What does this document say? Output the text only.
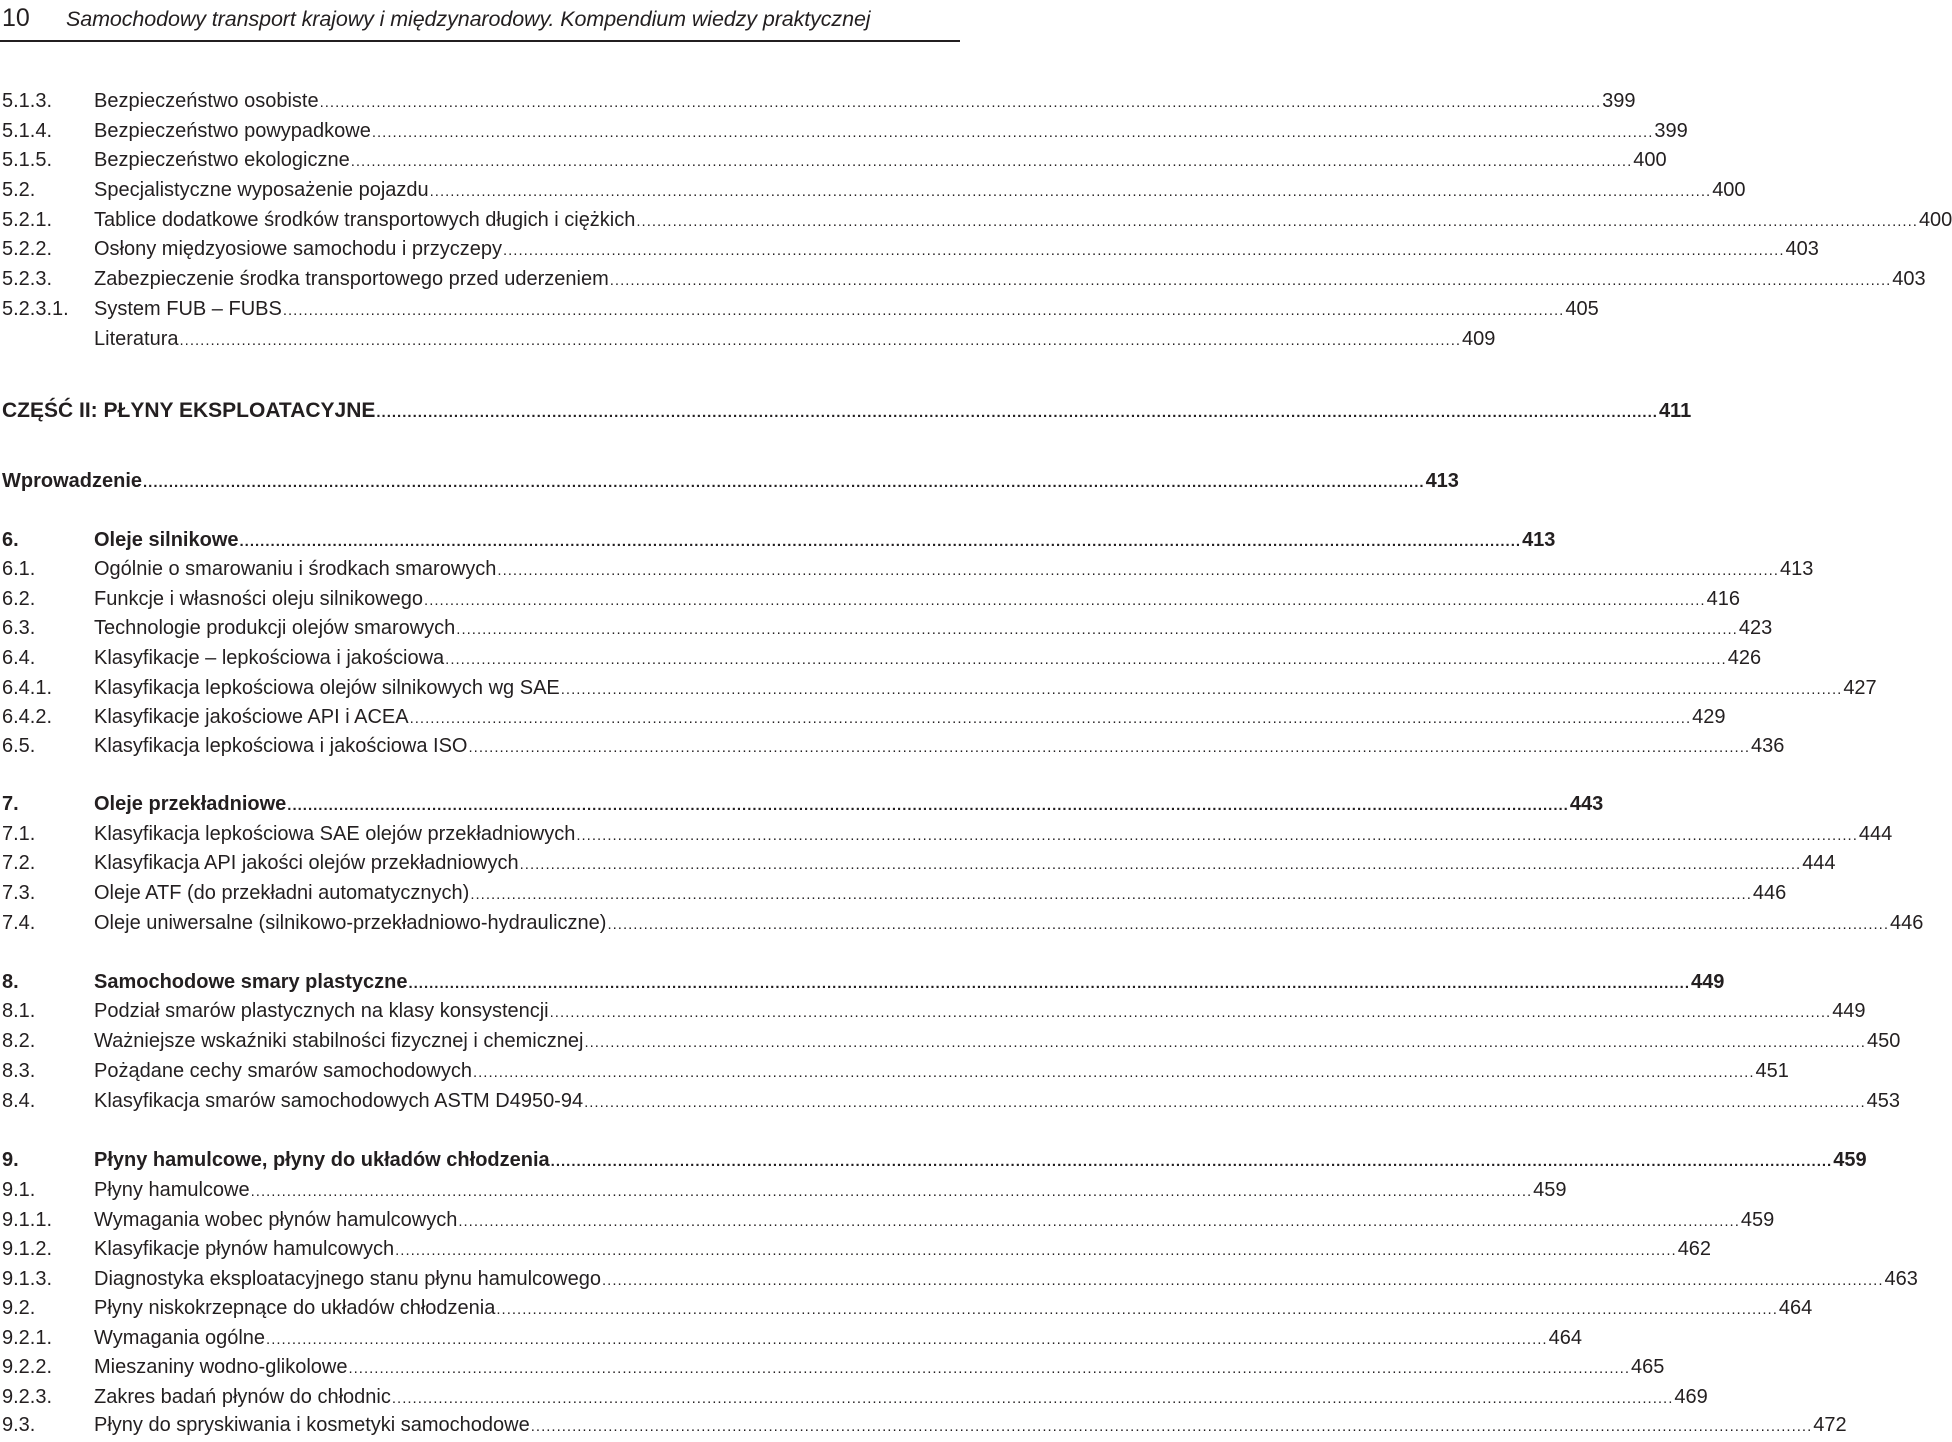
10 Samochodowy transport krajowy i międzynarodowy. Kompendium wiedzy praktycznej
5.1.3.	Bezpieczeństwo osobiste .....	399
5.1.4.	Bezpieczeństwo powypadkowe .....	399
5.1.5.	Bezpieczeństwo ekologiczne .....	400
5.2.	Specjalistyczne wyposażenie pojazdu .....	400
5.2.1.	Tablice dodatkowe środków transportowych długich i ciężkich .....	400
5.2.2.	Osłony międzyosiowe samochodu i przyczepy .....	403
5.2.3.	Zabezpieczenie środka transportowego przed uderzeniem .....	403
5.2.3.1.	System FUB – FUBS .....	405
Literatura .....	409
CZĘŚĆ II: PŁYNY EKSPLOATACYJNE .....	411
Wprowadzenie .....	413
6.	Oleje silnikowe .....	413
6.1.	Ogólnie o smarowaniu i środkach smarowych .....	413
6.2.	Funkcje i własności oleju silnikowego .....	416
6.3.	Technologie produkcji olejów smarowych .....	423
6.4.	Klasyfikacje – lepkościowa i jakościowa .....	426
6.4.1.	Klasyfikacja lepkościowa olejów silnikowych wg SAE .....	427
6.4.2.	Klasyfikacje jakościowe API i ACEA .....	429
6.5.	Klasyfikacja lepkościowa i jakościowa ISO .....	436
7.	Oleje przekładniowe .....	443
7.1.	Klasyfikacja lepkościowa SAE olejów przekładniowych .....	444
7.2.	Klasyfikacja API jakości olejów przekładniowych .....	444
7.3.	Oleje ATF (do przekładni automatycznych) .....	446
7.4.	Oleje uniwersalne (silnikowo-przekładniowo-hydrauliczne) .....	446
8.	Samochodowe smary plastyczne .....	449
8.1.	Podział smarów plastycznych na klasy konsystencji .....	449
8.2.	Ważniejsze wskaźniki stabilności fizycznej i chemicznej .....	450
8.3.	Pożądane cechy smarów samochodowych .....	451
8.4.	Klasyfikacja smarów samochodowych ASTM D4950-94 .....	453
9.	Płyny hamulcowe, płyny do układów chłodzenia .....	459
9.1.	Płyny hamulcowe .....	459
9.1.1.	Wymagania wobec płynów hamulcowych .....	459
9.1.2.	Klasyfikacje płynów hamulcowych .....	462
9.1.3.	Diagnostyka eksploatacyjnego stanu płynu hamulcowego .....	463
9.2.	Płyny niskokrzepnące do układów chłodzenia .....	464
9.2.1.	Wymagania ogólne .....	464
9.2.2.	Mieszaniny wodno-glikolowe .....	465
9.2.3.	Zakres badań płynów do chłodnic .....	469
9.3.	Płyny do spryskiwania i kosmetyki samochodowe .....	472
